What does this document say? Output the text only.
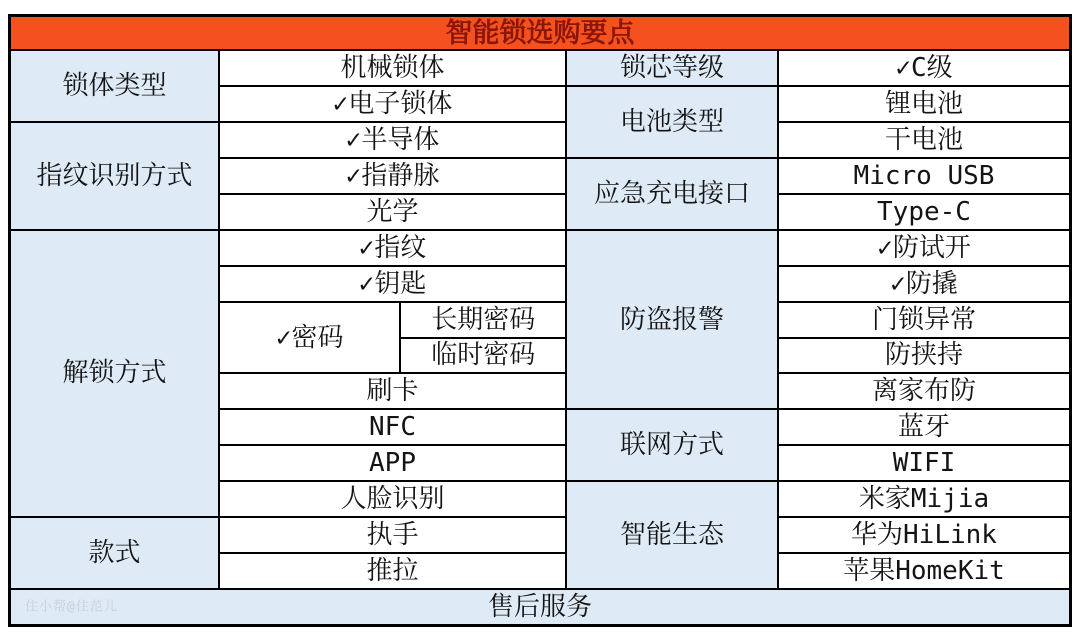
智能锁选购要点
锁体类型
指纹识别方式
解锁方式
款式
机械锁体
✓电子锁体
✓半导体
✓指静脉
光学
✓指纹
✓钥匙
✓密码
长期密码
临时密码
刷卡
NFC
APP
人脸识别
执手
推拉
锁芯等级
电池类型
应急充电接口
防盗报警
联网方式
智能生态
✓C级
锂电池
干电池
Micro USB
Type-C
✓防试开
✓防撬
门锁异常
防挟持
离家布防
蓝牙
WIFI
米家Mijia
华为HiLink
苹果HomeKit
住小帮@住范儿	售后服务
